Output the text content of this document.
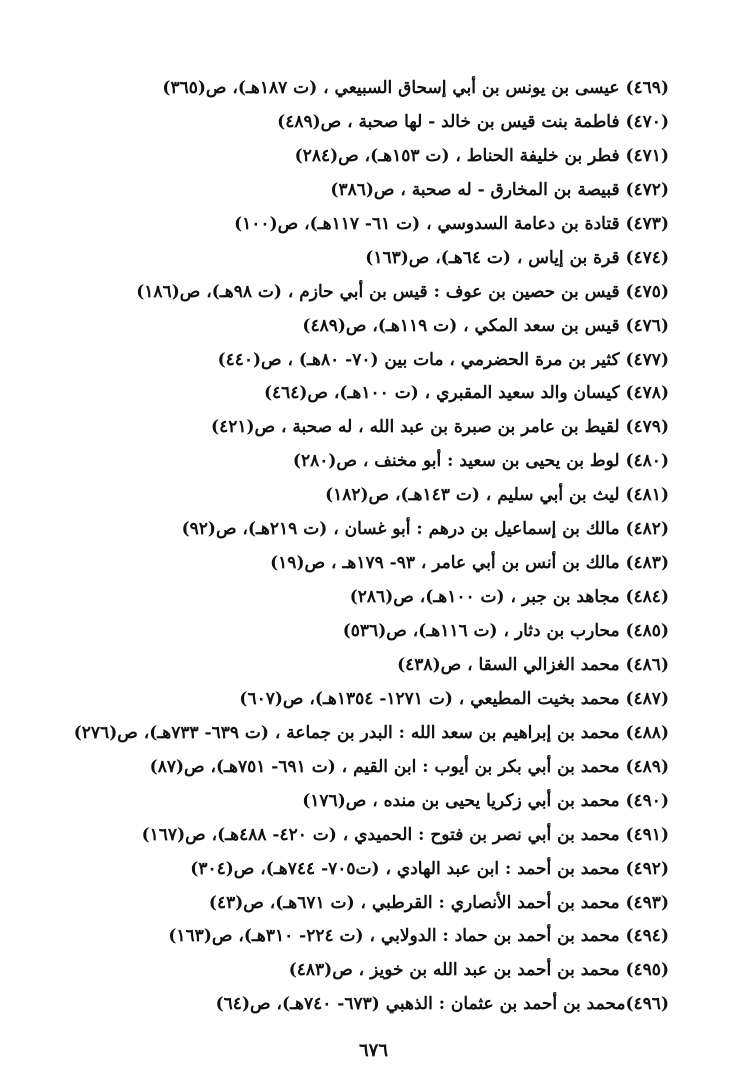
(٤٦٩) عيسى بن يونس بن أبي إسحاق السبيعي ، (ت ١٨٧هـ)، ص(٣٦٥)
(٤٧٠) فاطمة بنت قيس بن خالد - لها صحبة ، ص(٤٨٩)
(٤٧١) فطر بن خليفة الحناط ، (ت ١٥٣هـ)، ص(٢٨٤)
(٤٧٢) قبيصة بن المخارق - له صحبة ، ص(٣٨٦)
(٤٧٣) قتادة بن دعامة السدوسي ، (ت ٦١- ١١٧هـ)، ص(١٠٠)
(٤٧٤) قرة بن إياس ، (ت ٦٤هـ)، ص(١٦٣)
(٤٧٥) قيس بن حصين بن عوف : قيس بن أبي حازم ، (ت ٩٨هـ)، ص(١٨٦)
(٤٧٦) قيس بن سعد المكي ، (ت ١١٩هـ)، ص(٤٨٩)
(٤٧٧) كثير بن مرة الحضرمي ، مات بين (٧٠- ٨٠هـ) ، ص(٤٤٠)
(٤٧٨) كيسان والد سعيد المقبري ، (ت ١٠٠هـ)، ص(٤٦٤)
(٤٧٩) لقيط بن عامر بن صبرة بن عبد الله ، له صحبة ، ص(٤٢١)
(٤٨٠) لوط بن يحيى بن سعيد : أبو مخنف ، ص(٢٨٠)
(٤٨١) ليث بن أبي سليم ، (ت ١٤٣هـ)، ص(١٨٢)
(٤٨٢) مالك بن إسماعيل بن درهم : أبو غسان ، (ت ٢١٩هـ)، ص(٩٢)
(٤٨٣) مالك بن أنس بن أبي عامر ، ٩٣- ١٧٩هـ ، ص(١٩)
(٤٨٤) مجاهد بن جبر ، (ت ١٠٠هـ)، ص(٢٨٦)
(٤٨٥) محارب بن دثار ، (ت ١١٦هـ)، ص(٥٣٦)
(٤٨٦) محمد الغزالي السقا ، ص(٤٣٨)
(٤٨٧) محمد بخيت المطيعي ، (ت ١٢٧١- ١٣٥٤هـ)، ص(٦٠٧)
(٤٨٨) محمد بن إبراهيم بن سعد الله : البدر بن جماعة ، (ت ٦٣٩- ٧٣٣هـ)، ص(٢٧٦)
(٤٨٩) محمد بن أبي بكر بن أيوب : ابن القيم ، (ت ٦٩١- ٧٥١هـ)، ص(٨٧)
(٤٩٠) محمد بن أبي زكريا يحيى بن منده ، ص(١٧٦)
(٤٩١) محمد بن أبي نصر بن فتوح : الحميدي ، (ت ٤٢٠- ٤٨٨هـ)، ص(١٦٧)
(٤٩٢) محمد بن أحمد : ابن عبد الهادي ، (ت٧٠٥- ٧٤٤هـ)، ص(٣٠٤)
(٤٩٣) محمد بن أحمد الأنصاري : القرطبي ، (ت ٦٧١هـ)، ص(٤٣)
(٤٩٤) محمد بن أحمد بن حماد : الدولابي ، (ت ٢٢٤- ٣١٠هـ)، ص(١٦٣)
(٤٩٥) محمد بن أحمد بن عبد الله بن خويز ، ص(٤٨٣)
(٤٩٦)محمد بن أحمد بن عثمان : الذهبي (٦٧٣- ٧٤٠هـ)، ص(٦٤)
٦٧٦
